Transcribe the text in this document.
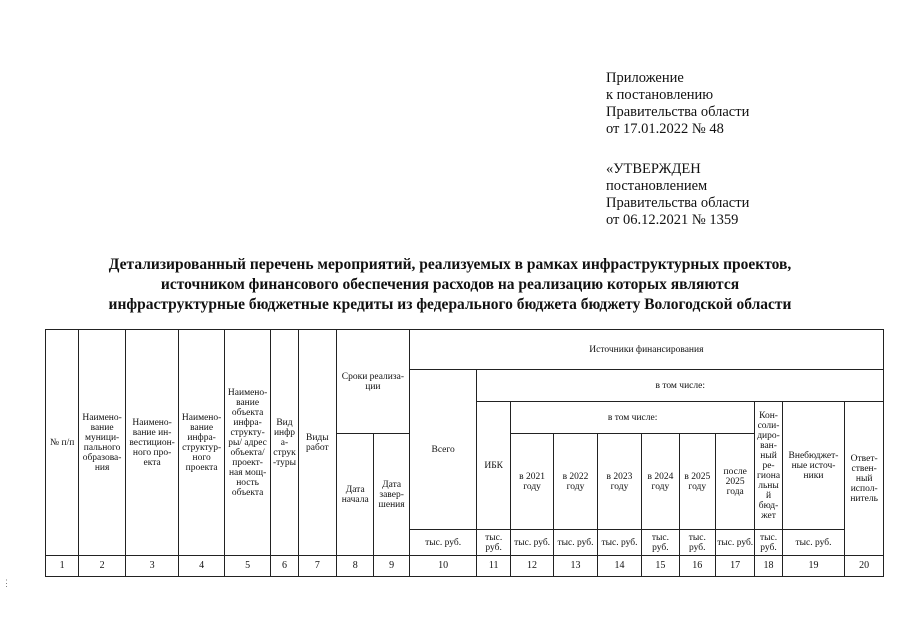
Приложение
к постановлению
Правительства области
от 17.01.2022 № 48
«УТВЕРЖДЕН
постановлением
Правительства области
от 06.12.2021 № 1359
Детализированный перечень мероприятий, реализуемых в рамках инфраструктурных проектов,
источником финансового обеспечения расходов на реализацию которых являются
инфраструктурные бюджетные кредиты из федерального бюджета бюджету Вологодской области
№ п/п	Наимено-вание муници-пального образова-ния	Наимено-вание ин-вестицион-ного про-екта	Наимено-вание инфра-структур-ного проекта	Наимено-вание объекта инфра-структу-ры/ адрес объекта/ проект-ная мощ-ность объекта	Вид инфра-струк-туры	Виды работ	Сроки реализа-ции		Источники финансирования										
									Всего	в том числе:									
										ИБК	в том числе:						Кон-соли-диро-ван-ный ре-гиона льный бюд-жет	Внебюджет-ные источ-ники	Ответ-ствен-ный испол-нитель
							Дата начала	Дата завер-шения			в 2021 году	в 2022 году	в 2023 году	в 2024 году	в 2025 году	после 2025 года			
									тыс. руб.	тыс. руб.	тыс. руб.	тыс. руб.	тыс. руб.	тыс. руб.	тыс. руб.	тыс. руб.	тыс. руб.	тыс. руб.	
1	2	3	4	5	6	7	8	9	10	11	12	13	14	15	16	17	18	19	20
⋮
